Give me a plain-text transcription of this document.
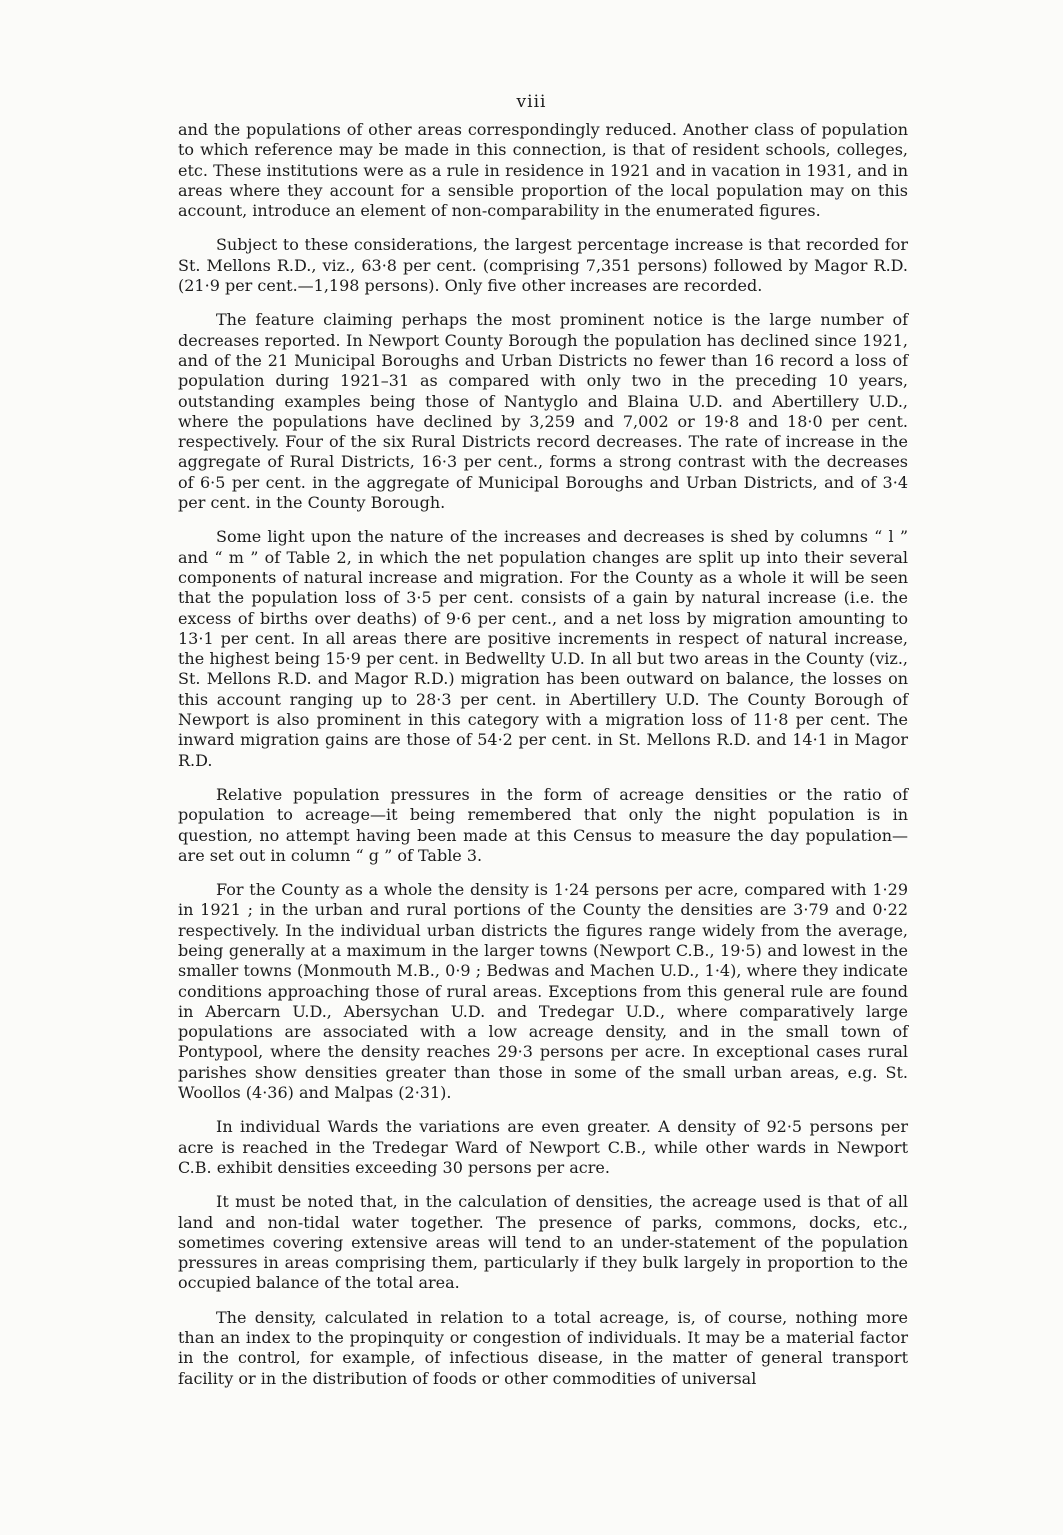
viii

and the populations of other areas correspondingly reduced. Another class of population to which reference may be made in this connection, is that of resident schools, colleges, etc. These institutions were as a rule in residence in 1921 and in vacation in 1931, and in areas where they account for a sensible proportion of the local population may on this account, introduce an element of non-comparability in the enumerated figures.

Subject to these considerations, the largest percentage increase is that recorded for St. Mellons R.D., viz., 63·8 per cent. (comprising 7,351 persons) followed by Magor R.D. (21·9 per cent.—1,198 persons). Only five other increases are recorded.

The feature claiming perhaps the most prominent notice is the large number of decreases reported. In Newport County Borough the population has declined since 1921, and of the 21 Municipal Boroughs and Urban Districts no fewer than 16 record a loss of population during 1921–31 as compared with only two in the preceding 10 years, outstanding examples being those of Nantyglo and Blaina U.D. and Abertillery U.D., where the populations have declined by 3,259 and 7,002 or 19·8 and 18·0 per cent. respectively. Four of the six Rural Districts record decreases. The rate of increase in the aggregate of Rural Districts, 16·3 per cent., forms a strong contrast with the decreases of 6·5 per cent. in the aggregate of Municipal Boroughs and Urban Districts, and of 3·4 per cent. in the County Borough.

Some light upon the nature of the increases and decreases is shed by columns “ l ” and “ m ” of Table 2, in which the net population changes are split up into their several components of natural increase and migration. For the County as a whole it will be seen that the population loss of 3·5 per cent. consists of a gain by natural increase (i.e. the excess of births over deaths) of 9·6 per cent., and a net loss by migration amounting to 13·1 per cent. In all areas there are positive increments in respect of natural increase, the highest being 15·9 per cent. in Bedwellty U.D. In all but two areas in the County (viz., St. Mellons R.D. and Magor R.D.) migration has been outward on balance, the losses on this account ranging up to 28·3 per cent. in Abertillery U.D. The County Borough of Newport is also prominent in this category with a migration loss of 11·8 per cent. The inward migration gains are those of 54·2 per cent. in St. Mellons R.D. and 14·1 in Magor R.D.

Relative population pressures in the form of acreage densities or the ratio of population to acreage—it being remembered that only the night population is in question, no attempt having been made at this Census to measure the day population—are set out in column “ g ” of Table 3.

For the County as a whole the density is 1·24 persons per acre, compared with 1·29 in 1921 ; in the urban and rural portions of the County the densities are 3·79 and 0·22 respectively. In the individual urban districts the figures range widely from the average, being generally at a maximum in the larger towns (Newport C.B., 19·5) and lowest in the smaller towns (Monmouth M.B., 0·9 ; Bedwas and Machen U.D., 1·4), where they indicate conditions approaching those of rural areas. Exceptions from this general rule are found in Abercarn U.D., Abersychan U.D. and Tredegar U.D., where comparatively large populations are associated with a low acreage density, and in the small town of Pontypool, where the density reaches 29·3 persons per acre. In exceptional cases rural parishes show densities greater than those in some of the small urban areas, e.g. St. Woollos (4·36) and Malpas (2·31).

In individual Wards the variations are even greater. A density of 92·5 persons per acre is reached in the Tredegar Ward of Newport C.B., while other wards in Newport C.B. exhibit densities exceeding 30 persons per acre.

It must be noted that, in the calculation of densities, the acreage used is that of all land and non-tidal water together. The presence of parks, commons, docks, etc., sometimes covering extensive areas will tend to an under-statement of the population pressures in areas comprising them, particularly if they bulk largely in proportion to the occupied balance of the total area.

The density, calculated in relation to a total acreage, is, of course, nothing more than an index to the propinquity or congestion of individuals. It may be a material factor in the control, for example, of infectious disease, in the matter of general transport facility or in the distribution of foods or other commodities of universal
